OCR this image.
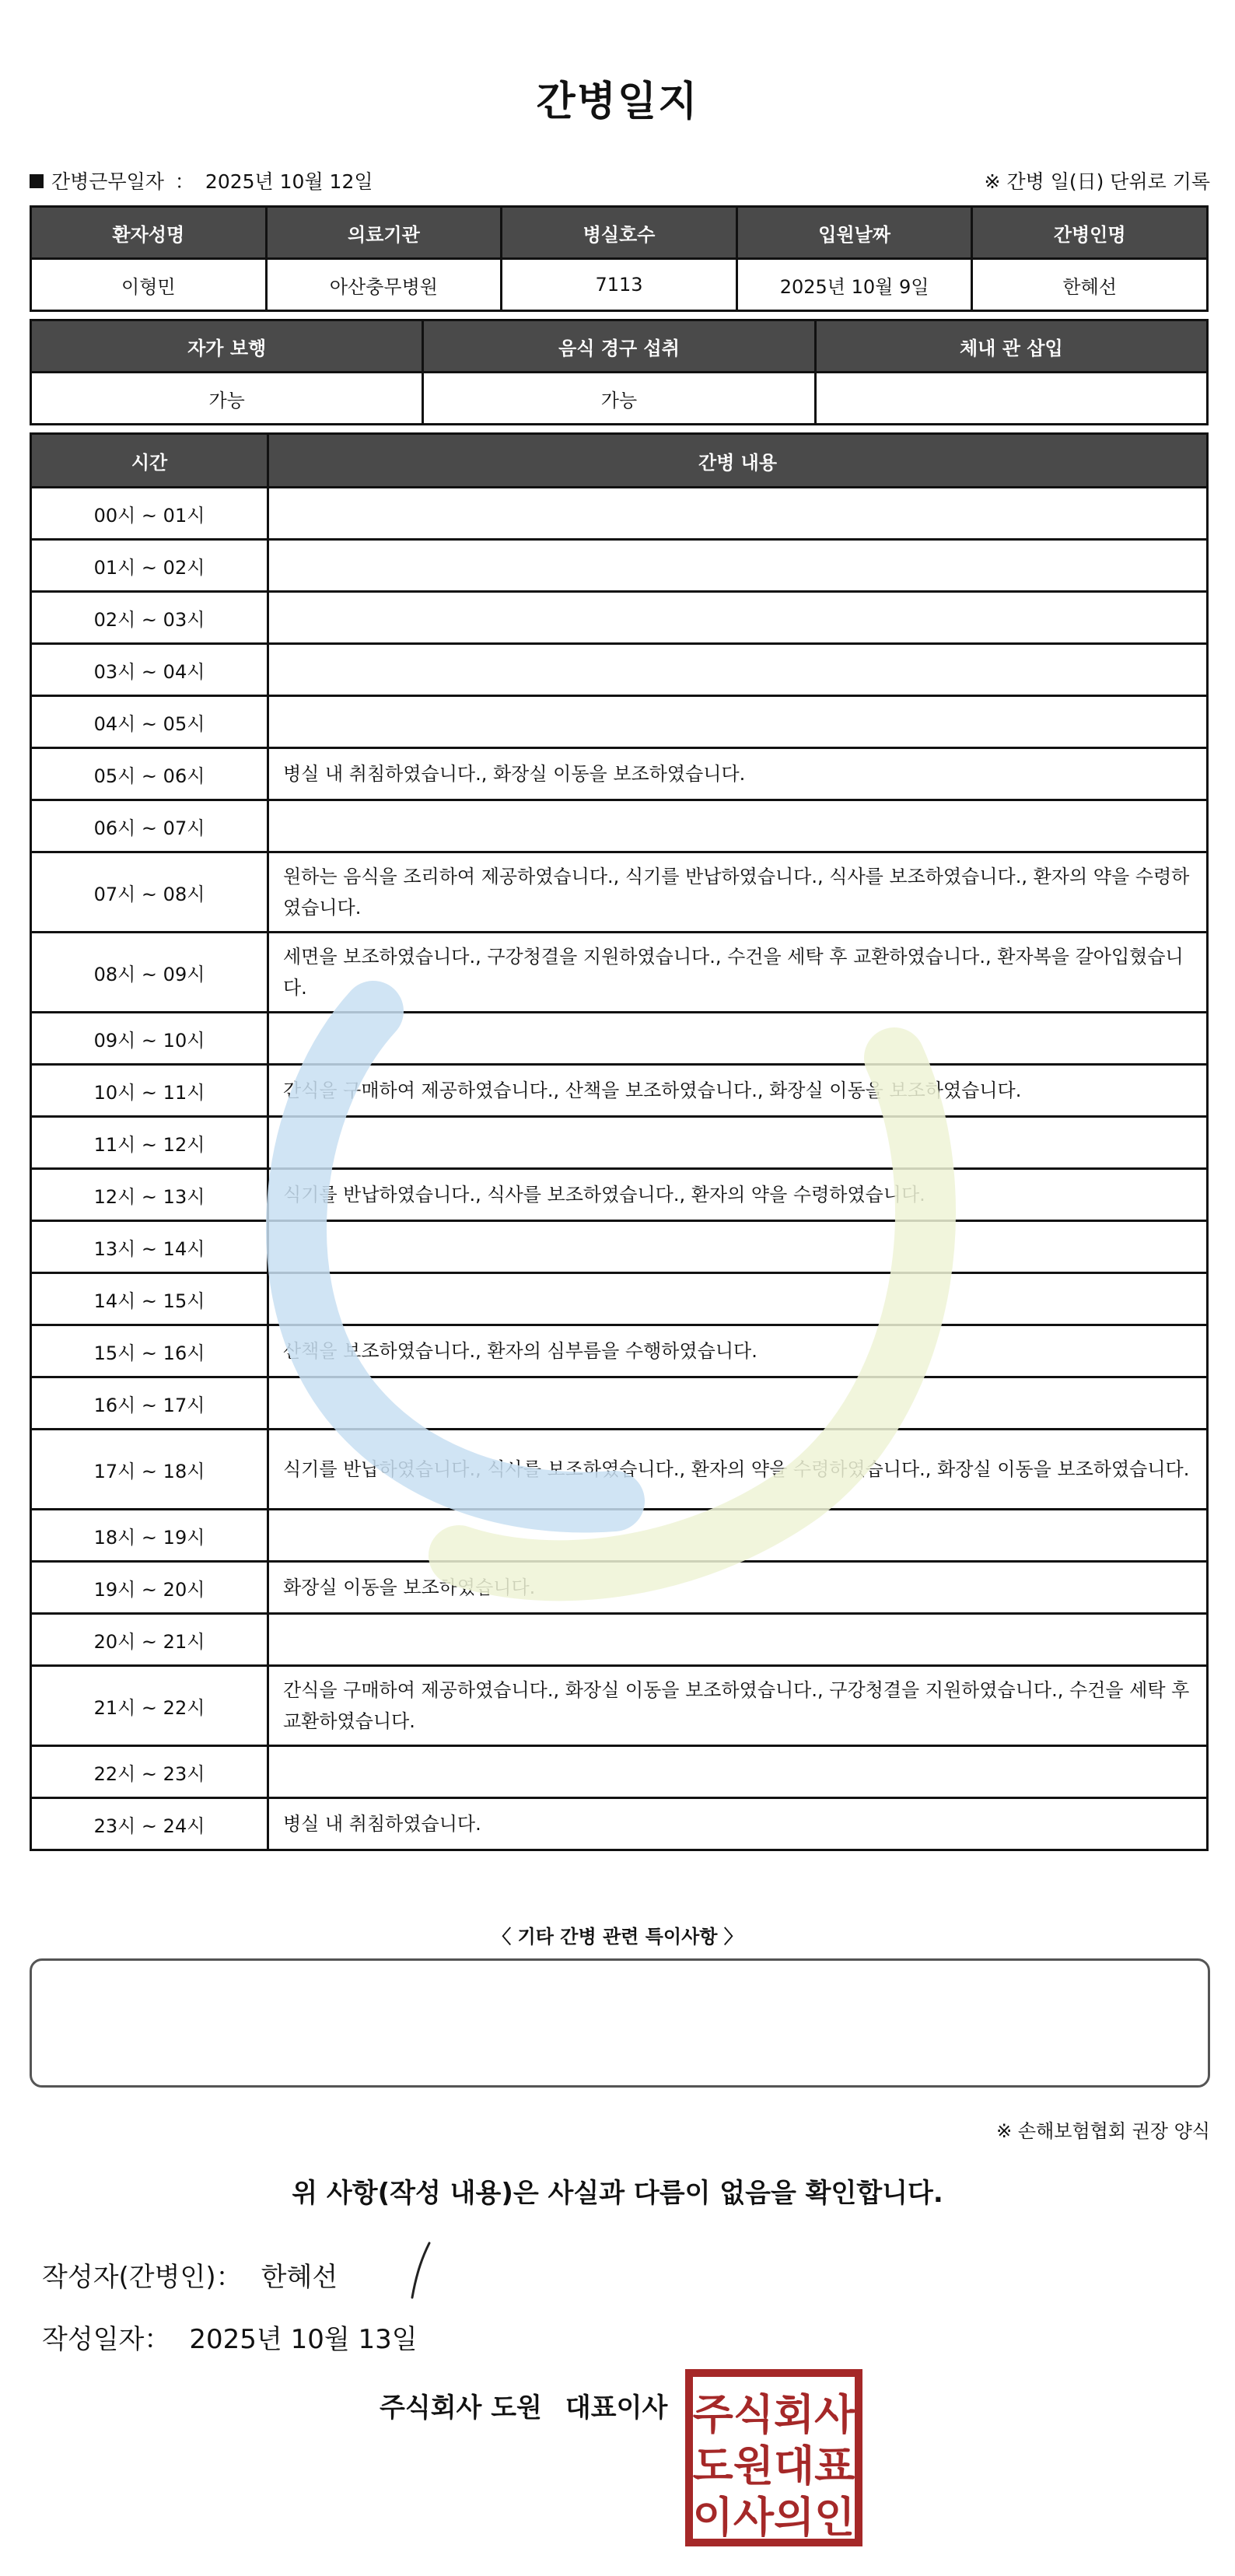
간병일지
간병근무일자 ： 2025년 10월 12일	※ 간병 일(日) 단위로 기록
환자성명	의료기관	병실호수	입원날짜	간병인명
이형민	아산충무병원	7113	2025년 10월 9일	한혜선
자가 보행	음식 경구 섭취	체내 관 삽입
가능	가능	
시간	간병 내용
00시 ~ 01시	
01시 ~ 02시	
02시 ~ 03시	
03시 ~ 04시	
04시 ~ 05시	
05시 ~ 06시	병실 내 취침하였습니다., 화장실 이동을 보조하였습니다.
06시 ~ 07시	
07시 ~ 08시	원하는 음식을 조리하여 제공하였습니다., 식기를 반납하였습니다., 식사를 보조하였습니다., 환자의 약을 수령하였습니다.
08시 ~ 09시	세면을 보조하였습니다., 구강청결을 지원하였습니다., 수건을 세탁 후 교환하였습니다., 환자복을 갈아입혔습니다.
09시 ~ 10시	
10시 ~ 11시	간식을 구매하여 제공하였습니다., 산책을 보조하였습니다., 화장실 이동을 보조하였습니다.
11시 ~ 12시	
12시 ~ 13시	식기를 반납하였습니다., 식사를 보조하였습니다., 환자의 약을 수령하였습니다.
13시 ~ 14시	
14시 ~ 15시	
15시 ~ 16시	산책을 보조하였습니다., 환자의 심부름을 수행하였습니다.
16시 ~ 17시	
17시 ~ 18시	식기를 반납하였습니다., 식사를 보조하였습니다., 환자의 약을 수령하였습니다., 화장실 이동을 보조하였습니다.
18시 ~ 19시	
19시 ~ 20시	화장실 이동을 보조하였습니다.
20시 ~ 21시	
21시 ~ 22시	간식을 구매하여 제공하였습니다., 화장실 이동을 보조하였습니다., 구강청결을 지원하였습니다., 수건을 세탁 후 교환하였습니다.
22시 ~ 23시	
23시 ~ 24시	병실 내 취침하였습니다.
〈 기타 간병 관련 특이사항 〉
※ 손해보험협회 권장 양식
위 사항(작성 내용)은 사실과 다름이 없음을 확인합니다.
작성자(간병인)： 한혜선
작성일자： 2025년 10월 13일
주식회사 도원 대표이사 주식회사
도원대표
이사의인
